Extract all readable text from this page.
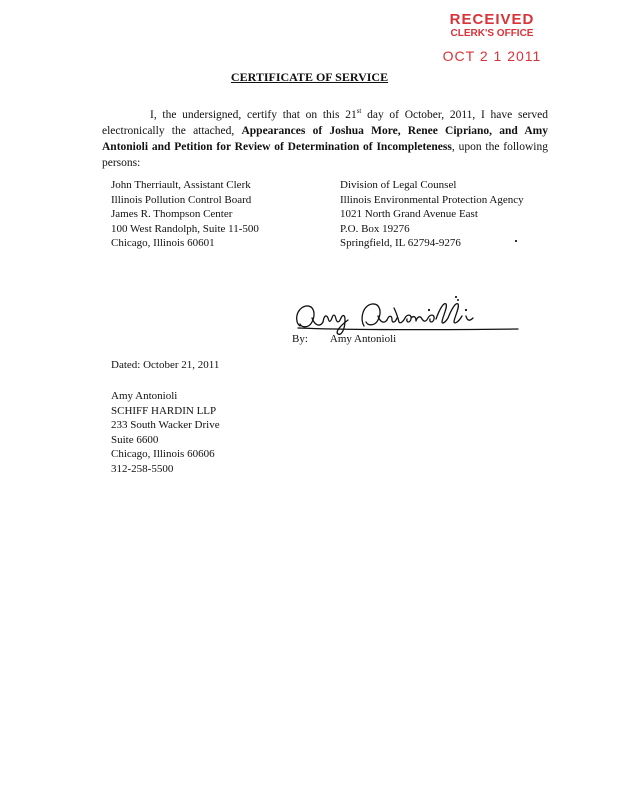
RECEIVED
CLERK'S OFFICE
OCT 2 1 2011
CERTIFICATE OF SERVICE

I, the undersigned, certify that on this 21st day of October, 2011, I have served electronically the attached, Appearances of Joshua More, Renee Cipriano, and Amy Antonioli and Petition for Review of Determination of Incompleteness, upon the following persons:

John Therriault, Assistant Clerk
Illinois Pollution Control Board
James R. Thompson Center
100 West Randolph, Suite 11-500
Chicago, Illinois 60601
Division of Legal Counsel
Illinois Environmental Protection Agency
1021 North Grand Avenue East
P.O. Box 19276
Springfield, IL 62794-9276
By: Amy Antonioli
Dated: October 21, 2011
Amy Antonioli
SCHIFF HARDIN LLP
233 South Wacker Drive
Suite 6600
Chicago, Illinois 60606
312-258-5500
